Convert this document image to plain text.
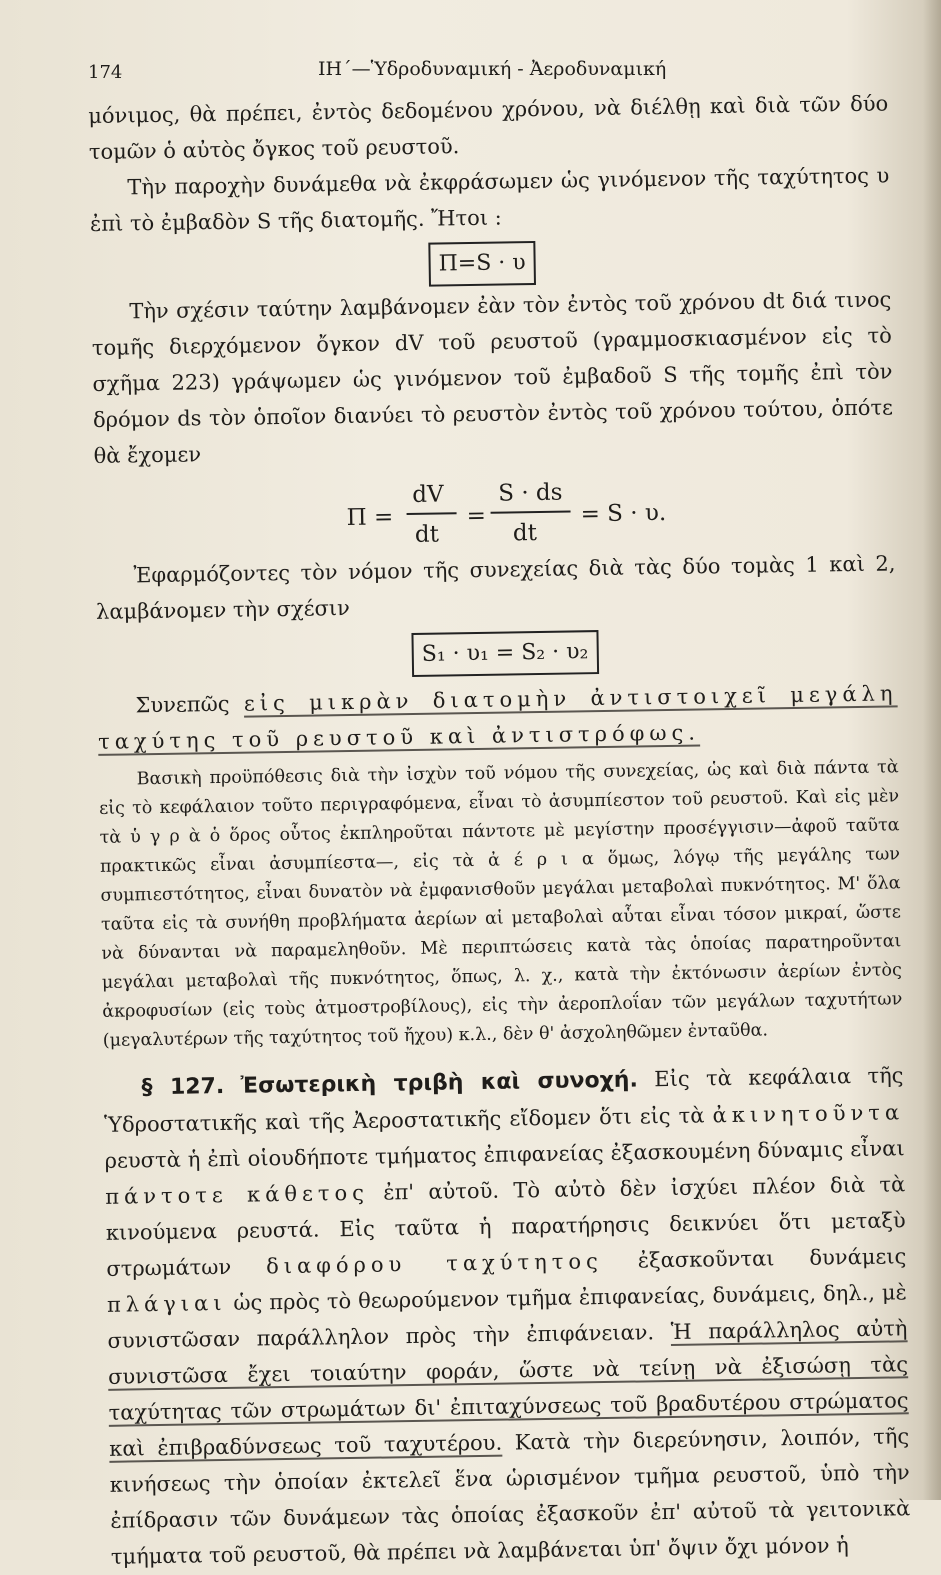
174	ΙΗ΄—Ὑδροδυναμική - Ἀεροδυναμική

μόνιμος, θὰ πρέπει, ἐντὸς δεδομένου χρόνου, νὰ διέλθῃ καὶ διὰ τῶν δύο τομῶν ὁ αὐτὸς ὄγκος τοῦ ρευστοῦ.

Τὴν παροχὴν δυνάμεθα νὰ ἐκφράσωμεν ὡς γινόμενον τῆς ταχύτητος υ ἐπὶ τὸ ἐμβαδὸν S τῆς διατομῆς. Ἤτοι :

Π=S · υ

Τὴν σχέσιν ταύτην λαμβάνομεν ἐὰν τὸν ἐντὸς τοῦ χρόνου dt διά τινος τομῆς διερχόμενον ὄγκον dV τοῦ ρευστοῦ (γραμμοσκιασμένον εἰς τὸ σχῆμα 223) γράψωμεν ὡς γινόμενον τοῦ ἐμβαδοῦ S τῆς τομῆς ἐπὶ τὸν δρόμον ds τὸν ὁποῖον διανύει τὸ ρευστὸν ἐντὸς τοῦ χρόνου τούτου, ὁπότε θὰ ἔχομεν

Π =
dV
dt
=
S · ds
dt
= S · υ.

Ἐφαρμόζοντες τὸν νόμον τῆς συνεχείας διὰ τὰς δύο τομὰς 1 καὶ 2, λαμβάνομεν τὴν σχέσιν

S₁ · υ₁ = S₂ · υ₂

Συνεπῶς εἰς μικρὰν διατομὴν ἀντιστοιχεῖ μεγάλη ταχύτης τοῦ ρευστοῦ καὶ ἀντιστρόφως.

Βασικὴ προϋπόθεσις διὰ τὴν ἰσχὺν τοῦ νόμου τῆς συνεχείας, ὡς καὶ διὰ πάντα τὰ εἰς τὸ κεφάλαιον τοῦτο περιγραφόμενα, εἶναι τὸ ἀσυμπίεστον τοῦ ρευστοῦ. Καὶ εἰς μὲν τὰ ὑ γ ρ ὰ ὁ ὅρος οὗτος ἐκπληροῦται πάντοτε μὲ μεγίστην προσέγγισιν—ἀφοῦ ταῦτα πρακτικῶς εἶναι ἀσυμπίεστα—, εἰς τὰ ἀ έ ρ ι α ὅμως, λόγῳ τῆς μεγάλης των συμπιεστότητος, εἶναι δυνατὸν νὰ ἐμφανισθοῦν μεγάλαι μεταβολαὶ πυκνότητος. Μ' ὅλα ταῦτα εἰς τὰ συνήθη προβλήματα ἀερίων αἱ μεταβολαὶ αὗται εἶναι τόσον μικραί, ὥστε νὰ δύνανται νὰ παραμεληθοῦν. Μὲ περιπτώσεις κατὰ τὰς ὁποίας παρατηροῦνται μεγάλαι μεταβολαὶ τῆς πυκνότητος, ὅπως, λ. χ., κατὰ τὴν ἐκτόνωσιν ἀερίων ἐντὸς ἀκροφυσίων (εἰς τοὺς ἀτμοστροβίλους), εἰς τὴν ἀεροπλοΐαν τῶν μεγάλων ταχυτήτων (μεγαλυτέρων τῆς ταχύτητος τοῦ ἤχου) κ.λ., δὲν θ' ἀσχοληθῶμεν ἐνταῦθα.

§ 127. Ἐσωτερικὴ τριβὴ καὶ συνοχή. Εἰς τὰ κεφάλαια τῆς Ὑδροστατικῆς καὶ τῆς Ἀεροστατικῆς εἴδομεν ὅτι εἰς τὰ ἀκινητοῦντα ρευστὰ ἡ ἐπὶ οἱουδήποτε τμήματος ἐπιφανείας ἐξασκουμένη δύναμις εἶναι πάντοτε κάθετος ἐπ' αὐτοῦ. Τὸ αὐτὸ δὲν ἰσχύει πλέον διὰ τὰ κινούμενα ρευστά. Εἰς ταῦτα ἡ παρατήρησις δεικνύει ὅτι μεταξὺ στρωμάτων διαφόρου ταχύτητος ἐξασκοῦνται δυνάμεις πλάγιαι ὡς πρὸς τὸ θεωρούμενον τμῆμα ἐπιφανείας, δυνάμεις, δηλ., μὲ συνιστῶσαν παράλληλον πρὸς τὴν ἐπιφάνειαν. Ἡ παράλληλος αὐτὴ συνιστῶσα ἔχει τοιαύτην φοράν, ὥστε νὰ τείνῃ νὰ ἐξισώσῃ τὰς ταχύτητας τῶν στρωμάτων δι' ἐπιταχύνσεως τοῦ βραδυτέρου στρώματος καὶ ἐπιβραδύνσεως τοῦ ταχυτέρου. Κατὰ τὴν διερεύνησιν, λοιπόν, τῆς κινήσεως τὴν ὁποίαν ἐκτελεῖ ἕνα ὡρισμένον τμῆμα ρευστοῦ, ὑπὸ τὴν ἐπίδρασιν τῶν δυνάμεων τὰς ὁποίας ἐξασκοῦν ἐπ' αὐτοῦ τὰ γειτονικὰ τμήματα τοῦ ρευστοῦ, θὰ πρέπει νὰ λαμβάνεται ὑπ' ὄψιν ὄχι μόνον ἡ
